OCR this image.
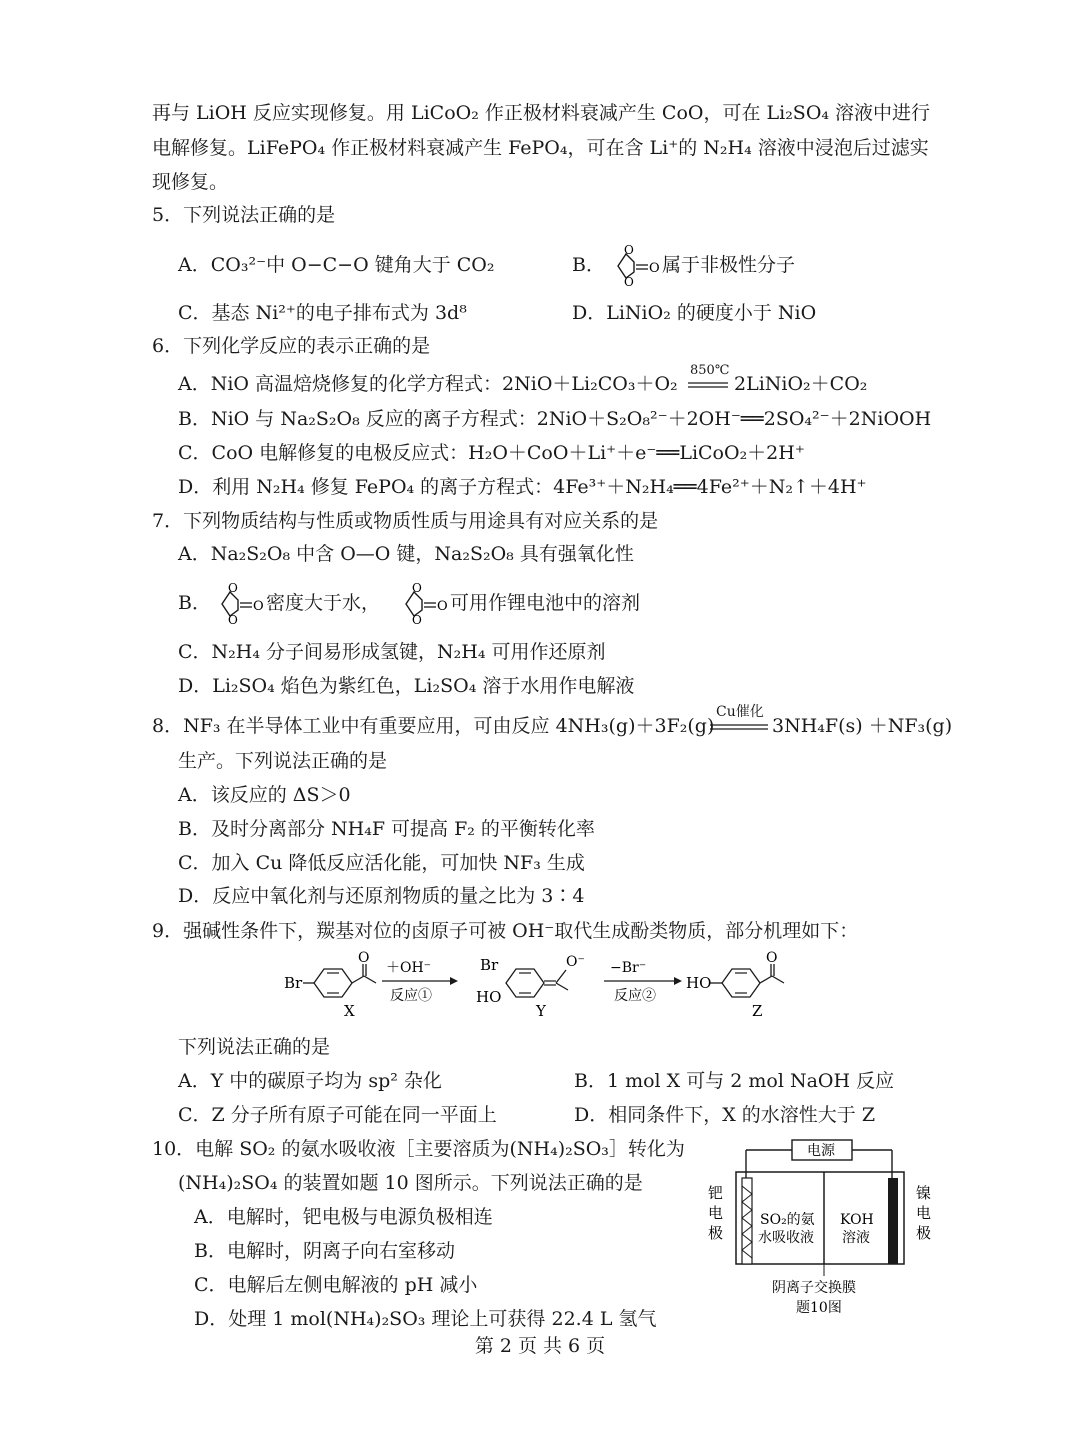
再与 LiOH 反应实现修复。用 LiCoO₂ 作正极材料衰减产生 CoO，可在 Li₂SO₄ 溶液中进行
电解修复。LiFePO₄ 作正极材料衰减产生 FePO₄，可在含 Li⁺的 N₂H₄ 溶液中浸泡后过滤实
现修复。
5．下列说法正确的是
A．CO₃²⁻中 O−C−O 键角大于 CO₂	B．
O
O
O 属于非极性分子
C．基态 Ni²⁺的电子排布式为 3d⁸	D．LiNiO₂ 的硬度小于 NiO
6．下列化学反应的表示正确的是
A．NiO 高温焙烧修复的化学方程式：2NiO＋Li₂CO₃＋O₂
850℃
2LiNiO₂＋CO₂
B．NiO 与 Na₂S₂O₈ 反应的离子方程式：2NiO＋S₂O₈²⁻＋2OH⁻══2SO₄²⁻＋2NiOOH
C．CoO 电解修复的电极反应式：H₂O＋CoO＋Li⁺＋e⁻══LiCoO₂＋2H⁺
D．利用 N₂H₄ 修复 FePO₄ 的离子方程式：4Fe³⁺＋N₂H₄══4Fe²⁺＋N₂↑＋4H⁺
7．下列物质结构与性质或物质性质与用途具有对应关系的是
A．Na₂S₂O₈ 中含 O—O 键，Na₂S₂O₈ 具有强氧化性
B．
O
O
O 密度大于水，
O
O
O 可用作锂电池中的溶剂
C．N₂H₄ 分子间易形成氢键，N₂H₄ 可用作还原剂
D．Li₂SO₄ 焰色为紫红色，Li₂SO₄ 溶于水用作电解液
8．NF₃ 在半导体工业中有重要应用，可由反应 4NH₃(g)＋3F₂(g)
Cu催化
3NH₄F(s) ＋NF₃(g)
生产。下列说法正确的是
A．该反应的 ΔS＞0
B．及时分离部分 NH₄F 可提高 F₂ 的平衡转化率
C．加入 Cu 降低反应活化能，可加快 NF₃ 生成
D．反应中氧化剂与还原剂物质的量之比为 3∶4
9．强碱性条件下，羰基对位的卤原子可被 OH⁻取代生成酚类物质，部分机理如下：
Br
O
X
＋OH⁻
反应①
Br
HO
O⁻
Y
−Br⁻
反应②
HO
O
Z
下列说法正确的是
A．Y 中的碳原子均为 sp² 杂化	B．1 mol X 可与 2 mol NaOH 反应
C．Z 分子所有原子可能在同一平面上	D．相同条件下，X 的水溶性大于 Z
10．电解 SO₂ 的氨水吸收液［主要溶质为(NH₄)₂SO₃］转化为
(NH₄)₂SO₄ 的装置如题 10 图所示。下列说法正确的是
A．电解时，钯电极与电源负极相连
B．电解时，阴离子向右室移动
C．电解后左侧电解液的 pH 减小
D．处理 1 mol(NH₄)₂SO₃ 理论上可获得 22.4 L 氢气
电源
钯
电
极
镍
电
极
SO₂的氨
水吸收液
KOH
溶液
阴离子交换膜
题10图
第 2 页 共 6 页
